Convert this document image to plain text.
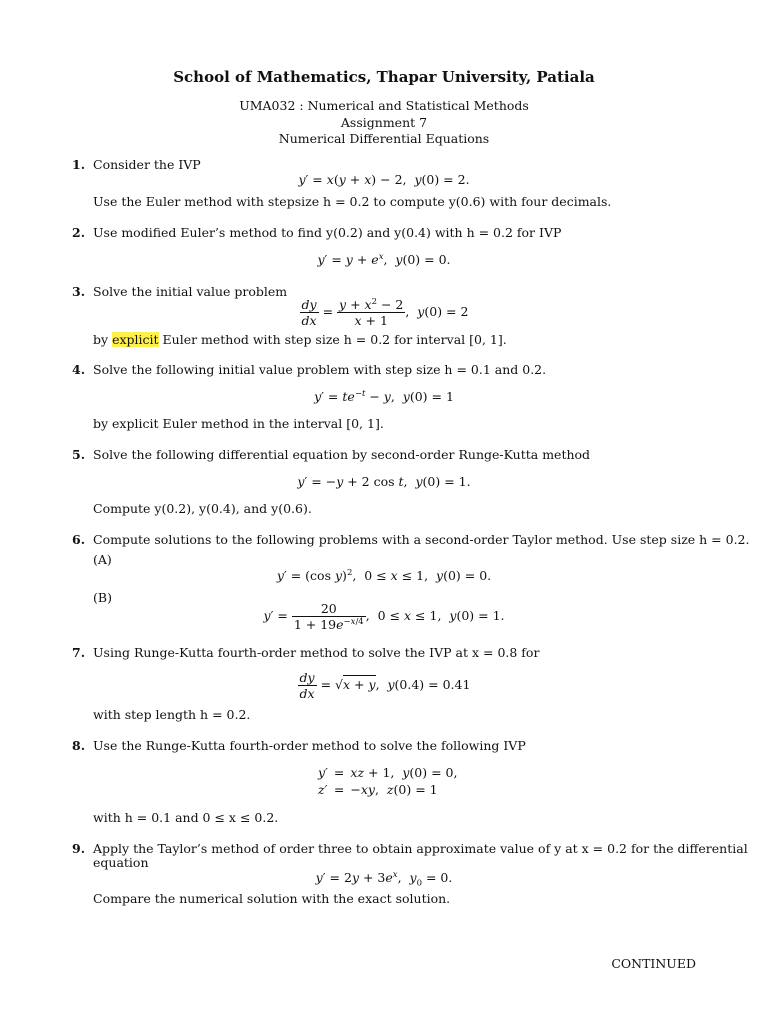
School of Mathematics, Thapar University, Patiala
UMA032 : Numerical and Statistical Methods
Assignment 7
Numerical Differential Equations
1. Consider the IVP
y′ = x(y + x) − 2,  y(0) = 2.
Use the Euler method with stepsize h = 0.2 to compute y(0.6) with four decimals.
2. Use modified Euler’s method to find y(0.2) and y(0.4) with h = 0.2 for IVP
$y' = y + e^x$,  y(0) = 0.
3. Solve the initial value problem
$\frac{dy}{dx} = \frac{y + x^2 - 2}{x + 1}$ ,  y(0) = 2
by explicit Euler method with step size h = 0.2 for interval [0, 1].
4. Solve the following initial value problem with step size h = 0.1 and 0.2.
$y' = te^{-t} - y$,  y(0) = 1
by explicit Euler method in the interval [0, 1].
5. Solve the following differential equation by second-order Runge-Kutta method
y′ = −y + 2 cos t,  y(0) = 1.
Compute y(0.2), y(0.4), and y(0.6).
6. Compute solutions to the following problems with a second-order Taylor method. Use step size h = 0.2.
(A)
y′ = (cos y)$^2$,  0 ≤ x ≤ 1,  y(0) = 0.
(B)
$y' = \frac{20}{1 + 19e^{-x/4}}$ ,  0 ≤ x ≤ 1,  y(0) = 1.
7. Using Runge-Kutta fourth-order method to solve the IVP at x = 0.8 for
$\frac{dy}{dx} = √x + y$,  y(0.4) = 0.41
with step length h = 0.2.
8. Use the Runge-Kutta fourth-order method to solve the following IVP
y′	=	xz + 1,  y(0) = 0,
z′	=	−xy,  z(0) = 1
with h = 0.1 and 0 ≤ x ≤ 0.2.
9. Apply the Taylor’s method of order three to obtain approximate value of y at x = 0.2 for the differential
equation
$y' = 2y + 3e^x$,  $y_0 = 0$.
Compare the numerical solution with the exact solution.
CONTINUED
